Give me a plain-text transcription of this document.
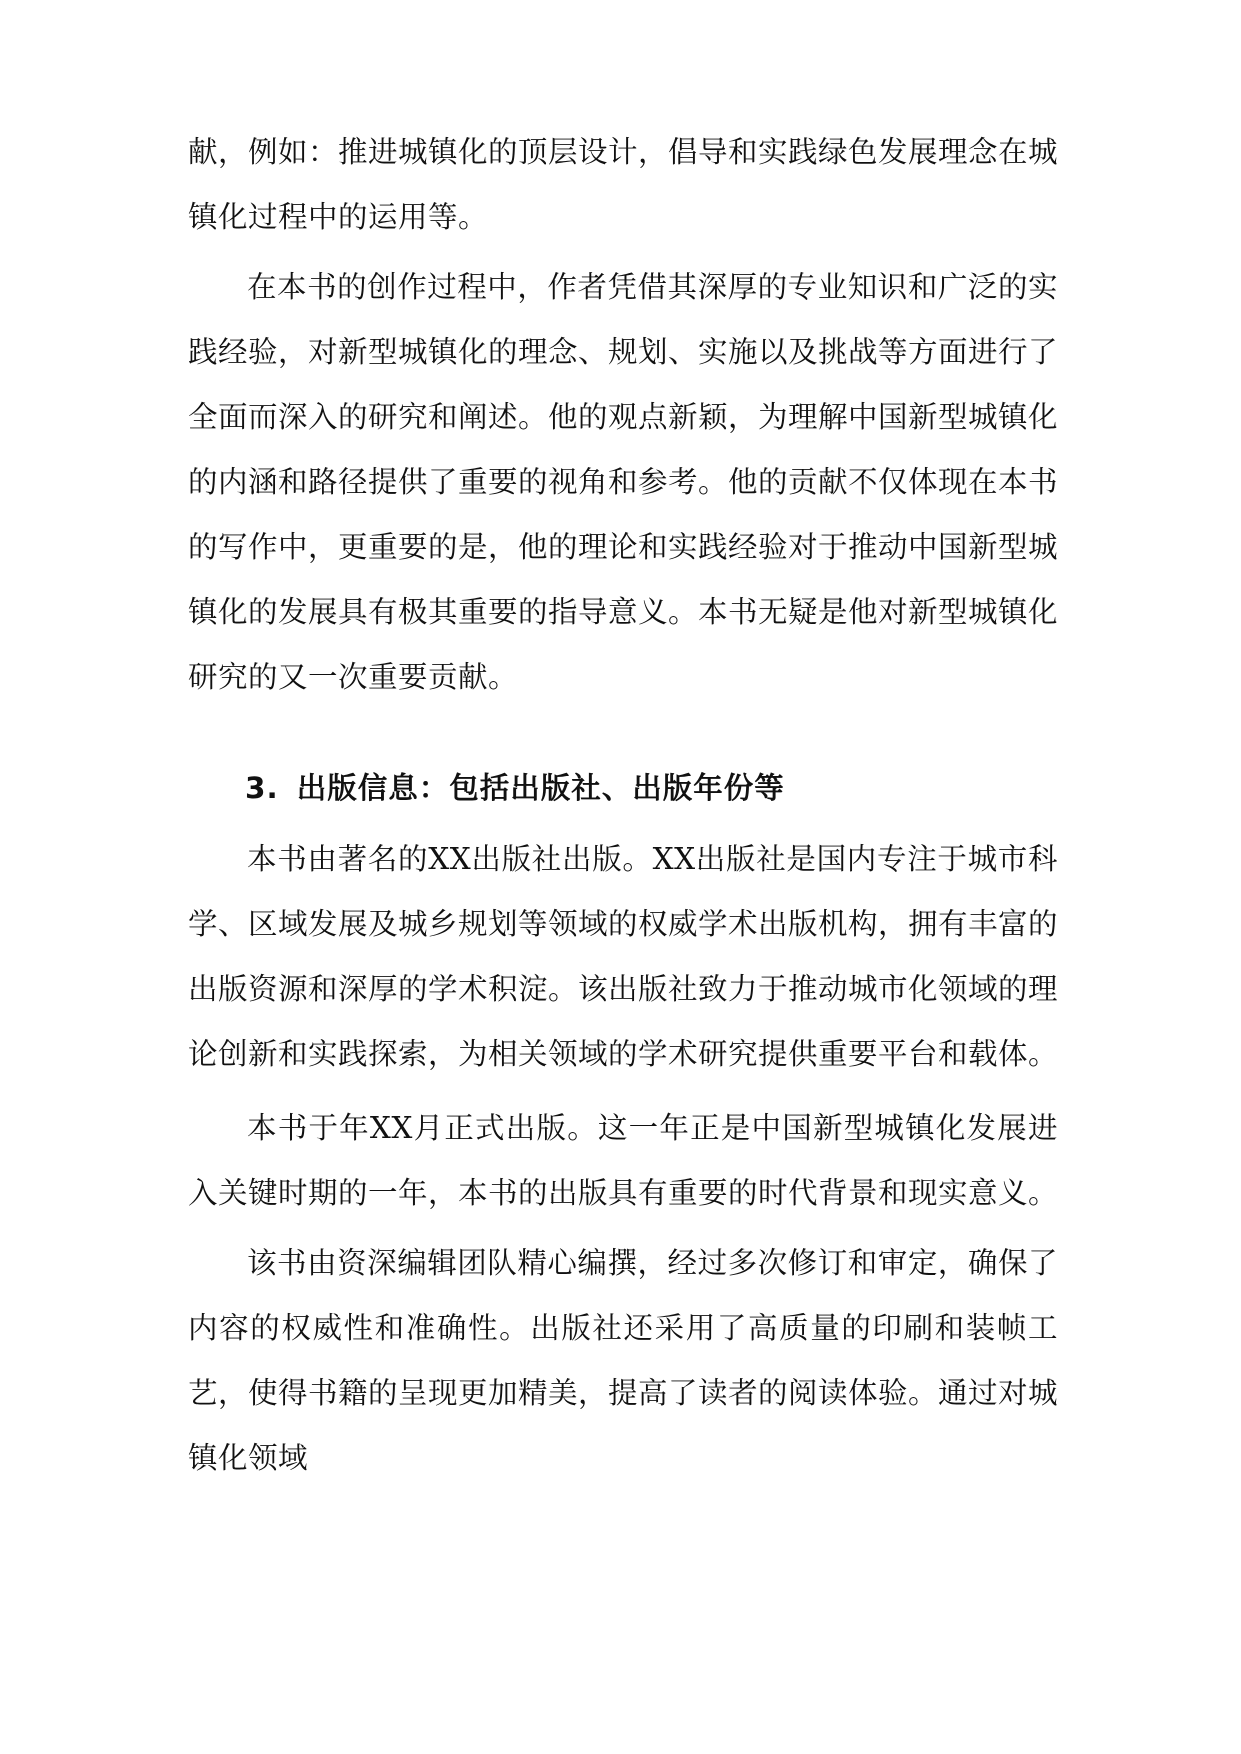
献，例如：推进城镇化的顶层设计，倡导和实践绿色发展理念在城镇化过程中的运用等。

在本书的创作过程中，作者凭借其深厚的专业知识和广泛的实践经验，对新型城镇化的理念、规划、实施以及挑战等方面进行了全面而深入的研究和阐述。他的观点新颖，为理解中国新型城镇化的内涵和路径提供了重要的视角和参考。他的贡献不仅体现在本书的写作中，更重要的是，他的理论和实践经验对于推动中国新型城镇化的发展具有极其重要的指导意义。本书无疑是他对新型城镇化研究的又一次重要贡献。

3. 出版信息：包括出版社、出版年份等

本书由著名的XX出版社出版。XX出版社是国内专注于城市科学、区域发展及城乡规划等领域的权威学术出版机构，拥有丰富的出版资源和深厚的学术积淀。该出版社致力于推动城市化领域的理论创新和实践探索，为相关领域的学术研究提供重要平台和载体。

本书于年XX月正式出版。这一年正是中国新型城镇化发展进入关键时期的一年，本书的出版具有重要的时代背景和现实意义。

该书由资深编辑团队精心编撰，经过多次修订和审定，确保了内容的权威性和准确性。出版社还采用了高质量的印刷和装帧工艺，使得书籍的呈现更加精美，提高了读者的阅读体验。通过对城镇化领域
